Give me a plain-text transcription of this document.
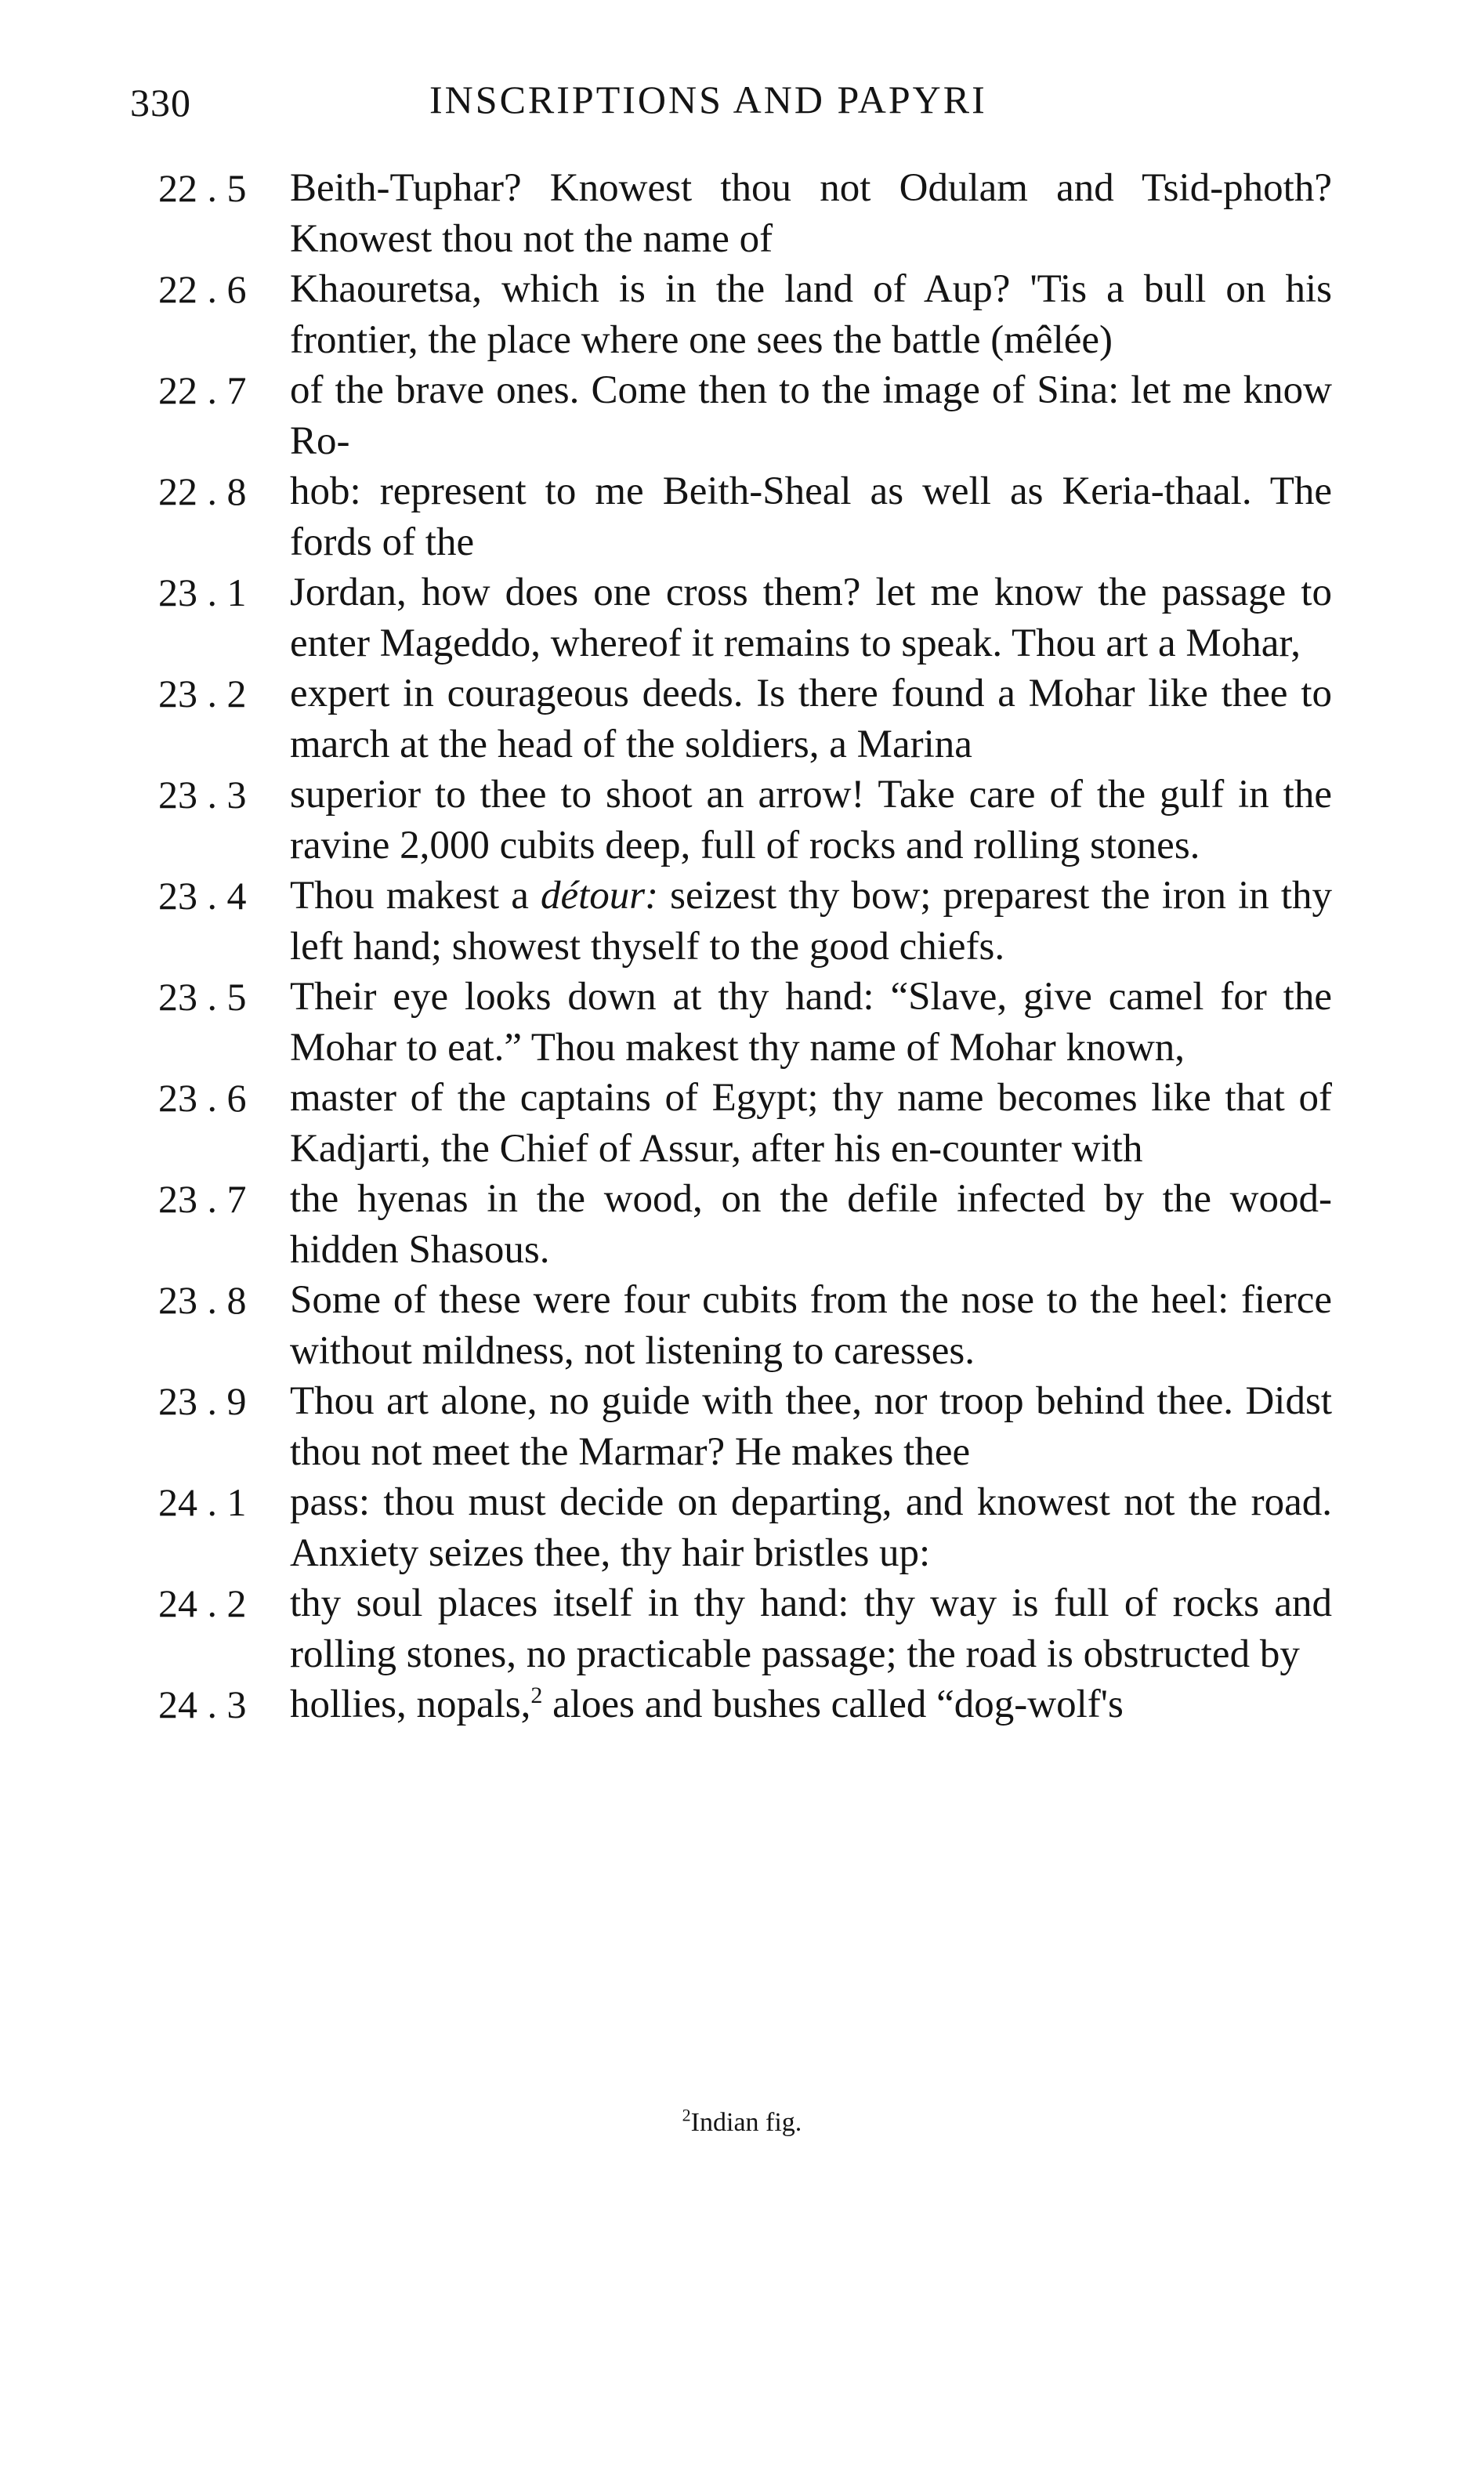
330	INSCRIPTIONS AND PAPYRI
22 . 5	Beith-Tuphar? Knowest thou not Odulam and Tsid-photh? Knowest thou not the name of
22 . 6	Khaouretsa, which is in the land of Aup? 'Tis a bull on his frontier, the place where one sees the battle (mêlée)
22 . 7	of the brave ones. Come then to the image of Sina: let me know Ro-
22 . 8	hob: represent to me Beith-Sheal as well as Keria-thaal. The fords of the
23 . 1	Jordan, how does one cross them? let me know the passage to enter Mageddo, whereof it remains to speak. Thou art a Mohar,
23 . 2	expert in courageous deeds. Is there found a Mohar like thee to march at the head of the soldiers, a Marina
23 . 3	superior to thee to shoot an arrow! Take care of the gulf in the ravine 2,000 cubits deep, full of rocks and rolling stones.
23 . 4	Thou makest a détour: seizest thy bow; preparest the iron in thy left hand; showest thyself to the good chiefs.
23 . 5	Their eye looks down at thy hand: “Slave, give camel for the Mohar to eat.” Thou makest thy name of Mohar known,
23 . 6	master of the captains of Egypt; thy name becomes like that of Kadjarti, the Chief of Assur, after his en-counter with
23 . 7	the hyenas in the wood, on the defile infected by the wood-hidden Shasous.
23 . 8	Some of these were four cubits from the nose to the heel: fierce without mildness, not listening to caresses.
23 . 9	Thou art alone, no guide with thee, nor troop behind thee. Didst thou not meet the Marmar? He makes thee
24 . 1	pass: thou must decide on departing, and knowest not the road. Anxiety seizes thee, thy hair bristles up:
24 . 2	thy soul places itself in thy hand: thy way is full of rocks and rolling stones, no practicable passage; the road is obstructed by
24 . 3	hollies, nopals,$^2$ aloes and bushes called “dog-wolf's
$^2$Indian fig.
